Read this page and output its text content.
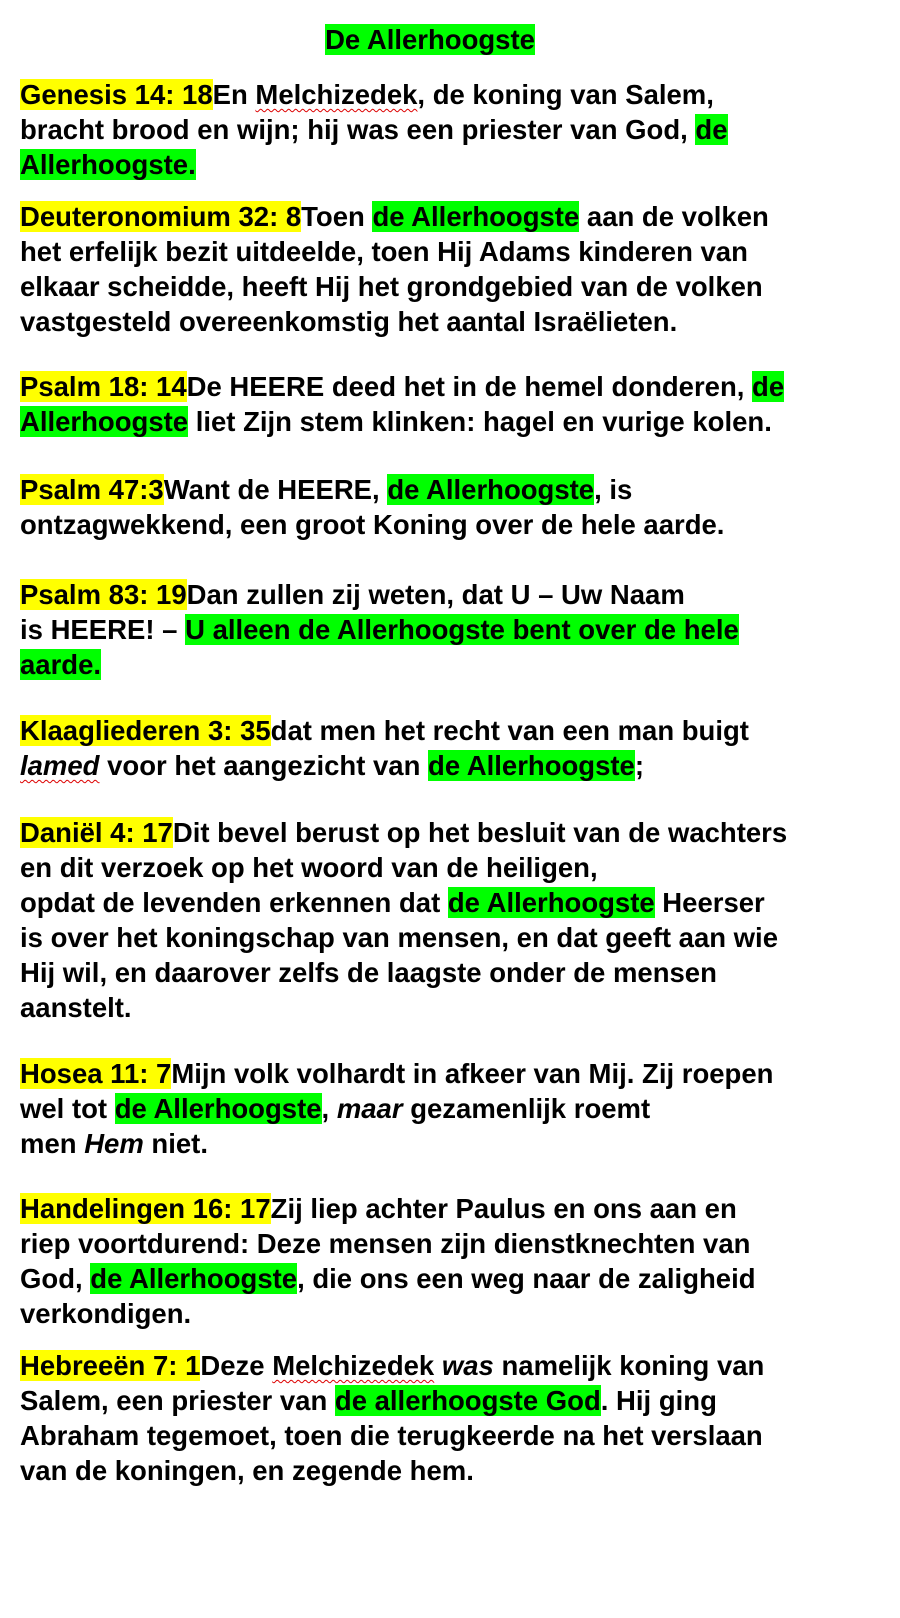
De Allerhoogste
Genesis 14: 18En Melchizedek, de koning van Salem,
bracht brood en wijn; hij was een priester van God, de
Allerhoogste.
Deuteronomium 32: 8Toen de Allerhoogste aan de volken
het erfelijk bezit uitdeelde, toen Hij Adams kinderen van
elkaar scheidde, heeft Hij het grondgebied van de volken
vastgesteld overeenkomstig het aantal Israëlieten.
Psalm 18: 14De HEERE deed het in de hemel donderen, de
Allerhoogste liet Zijn stem klinken: hagel en vurige kolen.
Psalm 47:3Want de HEERE, de Allerhoogste, is
ontzagwekkend, een groot Koning over de hele aarde.
Psalm 83: 19Dan zullen zij weten, dat U – Uw Naam
is HEERE! – U alleen de Allerhoogste bent over de hele
aarde.
Klaagliederen 3: 35dat men het recht van een man buigt
lamed voor het aangezicht van de Allerhoogste;
Daniël 4: 17Dit bevel berust op het besluit van de wachters
en dit verzoek op het woord van de heiligen,
opdat de levenden erkennen dat de Allerhoogste Heerser
is over het koningschap van mensen, en dat geeft aan wie
Hij wil, en daarover zelfs de laagste onder de mensen
aanstelt.
Hosea 11: 7Mijn volk volhardt in afkeer van Mij. Zij roepen
wel tot de Allerhoogste, maar gezamenlijk roemt
men Hem niet.
Handelingen 16: 17Zij liep achter Paulus en ons aan en
riep voortdurend: Deze mensen zijn dienstknechten van
God, de Allerhoogste, die ons een weg naar de zaligheid
verkondigen.
Hebreeën 7: 1Deze Melchizedek was namelijk koning van
Salem, een priester van de allerhoogste God. Hij ging
Abraham tegemoet, toen die terugkeerde na het verslaan
van de koningen, en zegende hem.
